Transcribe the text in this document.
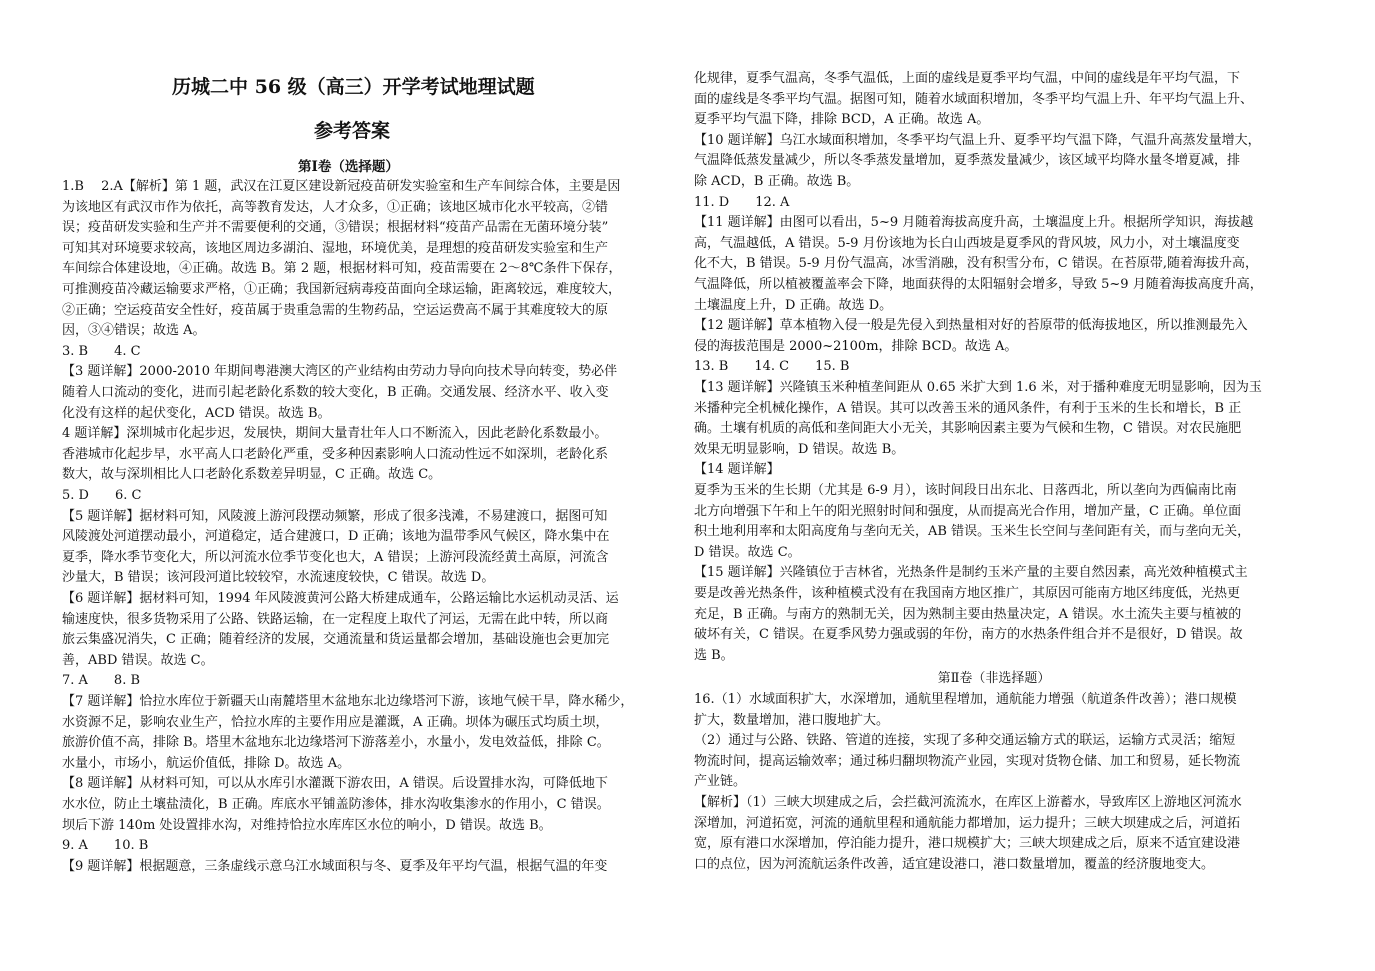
历城二中 56 级（高三）开学考试地理试题
参考答案
第Ⅰ卷（选择题）
1.B　 2.A【解析】第 1 题，武汉在江夏区建设新冠疫苗研发实验室和生产车间综合体，主要是因
为该地区有武汉市作为依托，高等教育发达，人才众多，①正确；该地区城市化水平较高，②错
误；疫苗研发实验和生产并不需要便利的交通，③错误；根据材料“疫苗产品需在无菌环境分装”
可知其对环境要求较高，该地区周边多湖泊、湿地，环境优美，是理想的疫苗研发实验室和生产
车间综合体建设地，④正确。故选 B。第 2 题，根据材料可知，疫苗需要在 2～8℃条件下保存，
可推测疫苗冷藏运输要求严格，①正确；我国新冠病毒疫苗面向全球运输，距离较远，难度较大，
②正确；空运疫苗安全性好，疫苗属于贵重急需的生物药品，空运运费高不属于其难度较大的原
因，③④错误；故选 A。
3. B　　4. C
【3 题详解】2000-2010 年期间粤港澳大湾区的产业结构由劳动力导向向技术导向转变，势必伴
随着人口流动的变化，进而引起老龄化系数的较大变化，B 正确。交通发展、经济水平、收入变
化没有这样的起伏变化，ACD 错误。故选 B。
4 题详解】深圳城市化起步迟，发展快，期间大量青壮年人口不断流入，因此老龄化系数最小。
香港城市化起步早，水平高人口老龄化严重，受多种因素影响人口流动性远不如深圳，老龄化系
数大，故与深圳相比人口老龄化系数差异明显，C 正确。故选 C。
5. D　　6. C
【5 题详解】据材料可知，风陵渡上游河段摆动频繁，形成了很多浅滩，不易建渡口，据图可知
风陵渡处河道摆动最小，河道稳定，适合建渡口，D 正确；该地为温带季风气候区，降水集中在
夏季，降水季节变化大，所以河流水位季节变化也大，A 错误；上游河段流经黄土高原，河流含
沙量大，B 错误；该河段河道比较较窄，水流速度较快，C 错误。故选 D。
【6 题详解】据材料可知，1994 年风陵渡黄河公路大桥建成通车，公路运输比水运机动灵活、运
输速度快，很多货物采用了公路、铁路运输，在一定程度上取代了河运，无需在此中转，所以商
旅云集盛况消失，C 正确；随着经济的发展，交通流量和货运量都会增加，基础设施也会更加完
善，ABD 错误。故选 C。
7. A　　8. B
【7 题详解】恰拉水库位于新疆天山南麓塔里木盆地东北边缘塔河下游，该地气候干旱，降水稀少，
水资源不足，影响农业生产，恰拉水库的主要作用应是灌溉，A 正确。坝体为碾压式均质土坝，
旅游价值不高，排除 B。塔里木盆地东北边缘塔河下游落差小，水量小，发电效益低，排除 C。
水量小，市场小，航运价值低，排除 D。故选 A。
【8 题详解】从材料可知，可以从水库引水灌溉下游农田，A 错误。后设置排水沟，可降低地下
水水位，防止土壤盐渍化，B 正确。库底水平铺盖防渗体，排水沟收集渗水的作用小，C 错误。
坝后下游 140m 处设置排水沟，对维持恰拉水库库区水位的响小，D 错误。故选 B。
9. A　　10. B
【9 题详解】根据题意，三条虚线示意乌江水域面积与冬、夏季及年平均气温，根据气温的年变
化规律，夏季气温高，冬季气温低，上面的虚线是夏季平均气温，中间的虚线是年平均气温，下
面的虚线是冬季平均气温。据图可知，随着水域面积增加，冬季平均气温上升、年平均气温上升、
夏季平均气温下降，排除 BCD，A 正确。故选 A。
【10 题详解】乌江水域面积增加，冬季平均气温上升、夏季平均气温下降，气温升高蒸发量增大，
气温降低蒸发量减少，所以冬季蒸发量增加，夏季蒸发量减少，该区域平均降水量冬增夏减，排
除 ACD，B 正确。故选 B。
11. D　　12. A
【11 题详解】由图可以看出，5~9 月随着海拔高度升高，土壤温度上升。根据所学知识，海拔越
高，气温越低，A 错误。5-9 月份该地为长白山西坡是夏季风的背风坡，风力小，对土壤温度变
化不大，B 错误。5-9 月份气温高，冰雪消融，没有积雪分布，C 错误。在苔原带,随着海拔升高，
气温降低，所以植被覆盖率会下降，地面获得的太阳辐射会增多，导致 5~9 月随着海拔高度升高，
土壤温度上升，D 正确。故选 D。
【12 题详解】草本植物入侵一般是先侵入到热量相对好的苔原带的低海拔地区，所以推测最先入
侵的海拔范围是 2000~2100m，排除 BCD。故选 A。
13. B　　14. C　　15. B
【13 题详解】兴隆镇玉米种植垄间距从 0.65 米扩大到 1.6 米，对于播种难度无明显影响，因为玉
米播种完全机械化操作，A 错误。其可以改善玉米的通风条件，有利于玉米的生长和增长，B 正
确。土壤有机质的高低和垄间距大小无关，其影响因素主要为气候和生物，C 错误。对农民施肥
效果无明显影响，D 错误。故选 B。
【14 题详解】
夏季为玉米的生长期（尤其是 6-9 月），该时间段日出东北、日落西北，所以垄向为西偏南比南
北方向增强下午和上午的阳光照射时间和强度，从而提高光合作用，增加产量，C 正确。单位面
积土地利用率和太阳高度角与垄向无关，AB 错误。玉米生长空间与垄间距有关，而与垄向无关，
D 错误。故选 C。
【15 题详解】兴隆镇位于吉林省，光热条件是制约玉米产量的主要自然因素，高光效种植模式主
要是改善光热条件，该种植模式没有在我国南方地区推广，其原因可能南方地区纬度低，光热更
充足，B 正确。与南方的熟制无关，因为熟制主要由热量决定，A 错误。水土流失主要与植被的
破坏有关，C 错误。在夏季风势力强或弱的年份，南方的水热条件组合并不是很好，D 错误。故
选 B。
第Ⅱ卷（非选择题）
16.（1）水域面积扩大，水深增加，通航里程增加，通航能力增强（航道条件改善）；港口规模
扩大，数量增加，港口腹地扩大。
（2）通过与公路、铁路、管道的连接，实现了多种交通运输方式的联运，运输方式灵活；缩短
物流时间，提高运输效率；通过秭归翻坝物流产业园，实现对货物仓储、加工和贸易，延长物流
产业链。
【解析】（1）三峡大坝建成之后，会拦截河流流水，在库区上游蓄水，导致库区上游地区河流水
深增加，河道拓宽，河流的通航里程和通航能力都增加，运力提升；三峡大坝建成之后，河道拓
宽，原有港口水深增加，停泊能力提升，港口规模扩大；三峡大坝建成之后，原来不适宜建设港
口的点位，因为河流航运条件改善，适宜建设港口，港口数量增加，覆盖的经济腹地变大。
